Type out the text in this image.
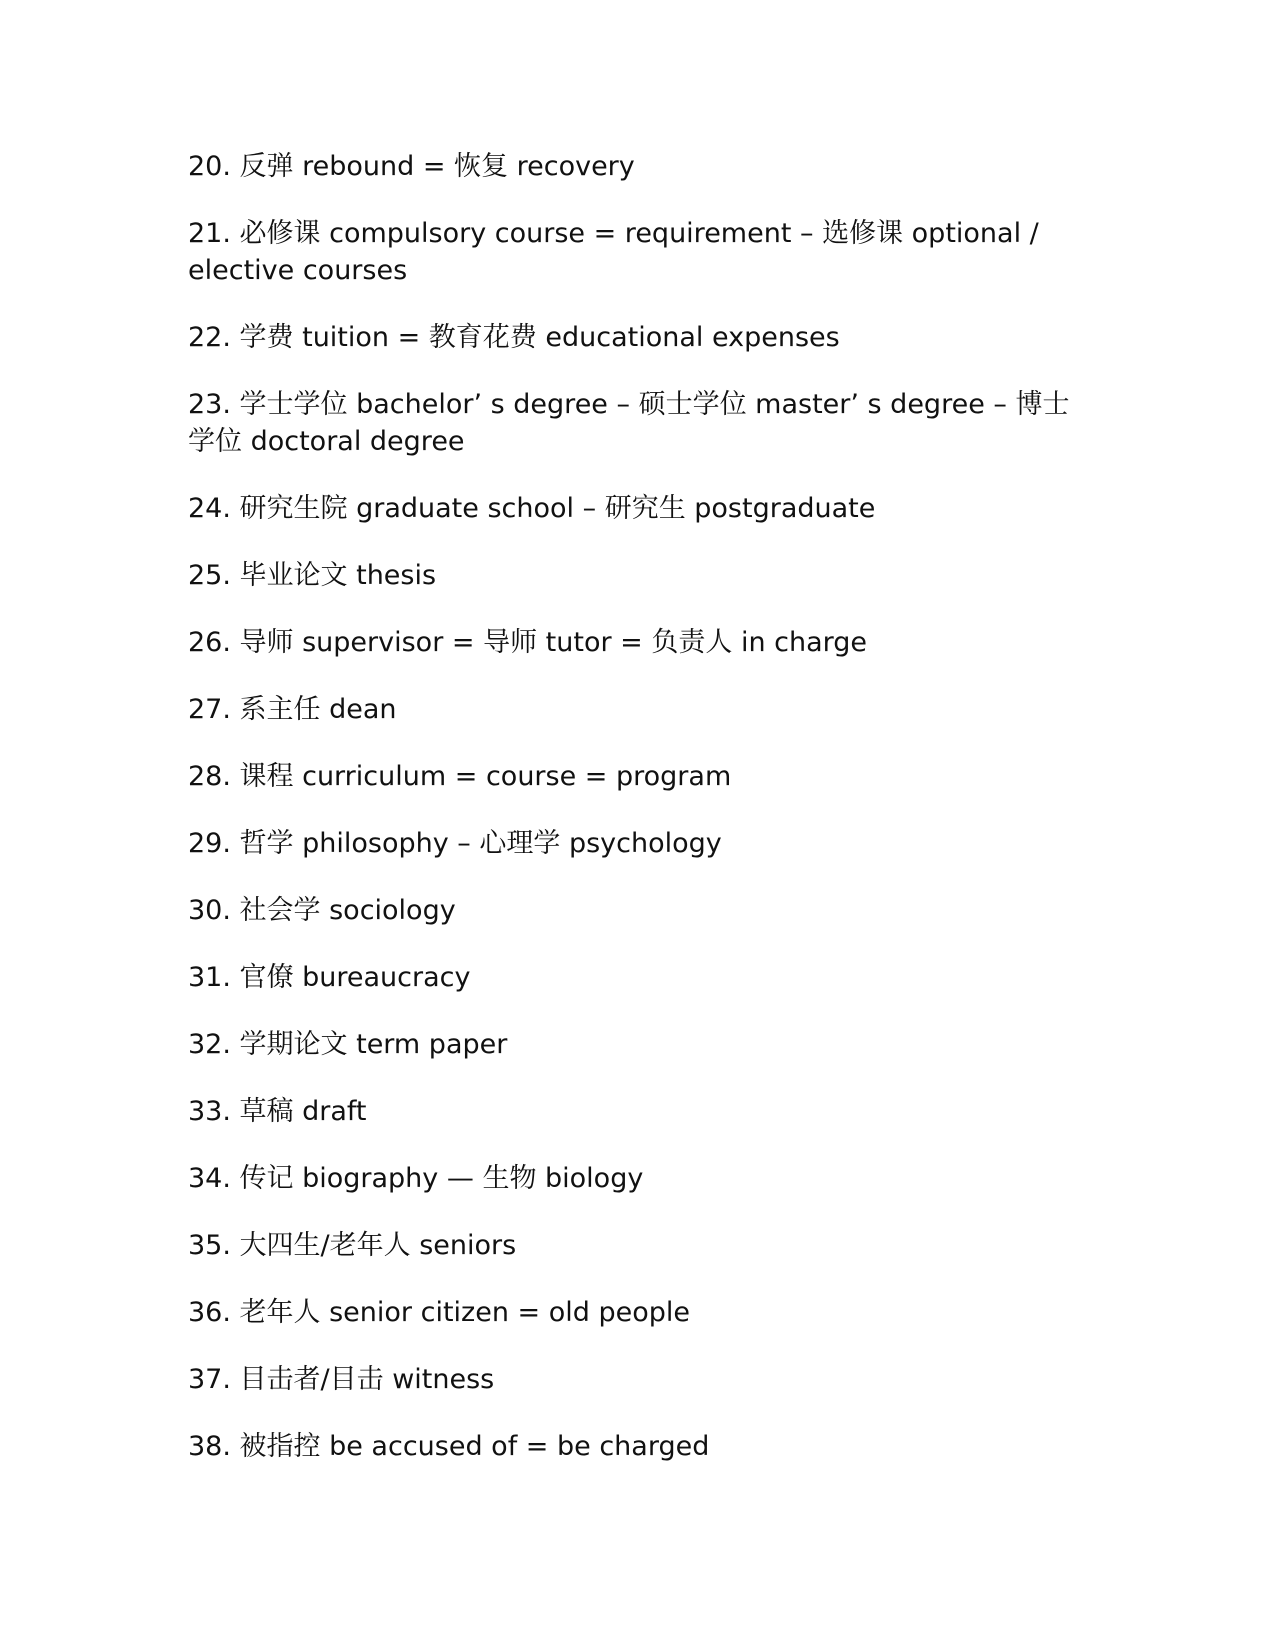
20. 反弹 rebound = 恢复 recovery
21. 必修课 compulsory course = requirement – 选修课 optional / elective courses
22. 学费 tuition = 教育花费 educational expenses
23. 学士学位 bachelor’ s degree – 硕士学位 master’ s degree – 博士学位 doctoral degree
24. 研究生院 graduate school – 研究生 postgraduate
25. 毕业论文 thesis
26. 导师 supervisor = 导师 tutor = 负责人 in charge
27. 系主任 dean
28. 课程 curriculum = course = program
29. 哲学 philosophy – 心理学 psychology
30. 社会学 sociology
31. 官僚 bureaucracy
32. 学期论文 term paper
33. 草稿 draft
34. 传记 biography — 生物 biology
35. 大四生/老年人 seniors
36. 老年人 senior citizen = old people
37. 目击者/目击 witness
38. 被指控 be accused of = be charged
